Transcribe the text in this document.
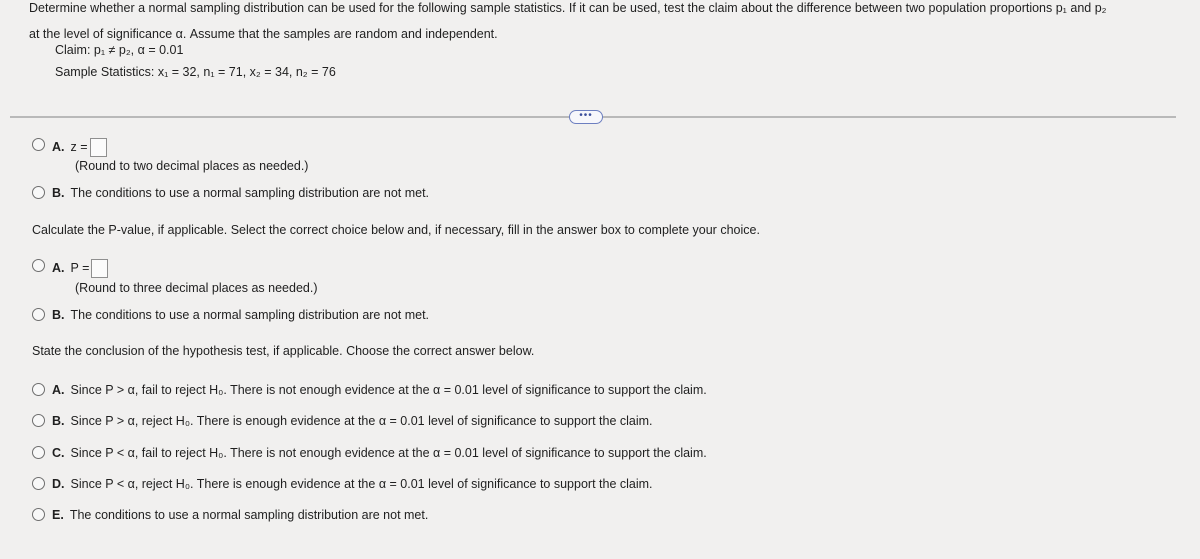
Determine whether a normal sampling distribution can be used for the following sample statistics. If it can be used, test the claim about the difference between two population proportions p₁ and p₂
at the level of significance α. Assume that the samples are random and independent.
Claim: p₁ ≠ p₂, α = 0.01
Sample Statistics: x₁ = 32, n₁ = 71, x₂ = 34, n₂ = 76
•••
A. z =
(Round to two decimal places as needed.)
B. The conditions to use a normal sampling distribution are not met.
Calculate the P-value, if applicable. Select the correct choice below and, if necessary, fill in the answer box to complete your choice.
A. P =
(Round to three decimal places as needed.)
B. The conditions to use a normal sampling distribution are not met.
State the conclusion of the hypothesis test, if applicable. Choose the correct answer below.
A. Since P > α, fail to reject H₀. There is not enough evidence at the α = 0.01 level of significance to support the claim.
B. Since P > α, reject H₀. There is enough evidence at the α = 0.01 level of significance to support the claim.
C. Since P < α, fail to reject H₀. There is not enough evidence at the α = 0.01 level of significance to support the claim.
D. Since P < α, reject H₀. There is enough evidence at the α = 0.01 level of significance to support the claim.
E. The conditions to use a normal sampling distribution are not met.
